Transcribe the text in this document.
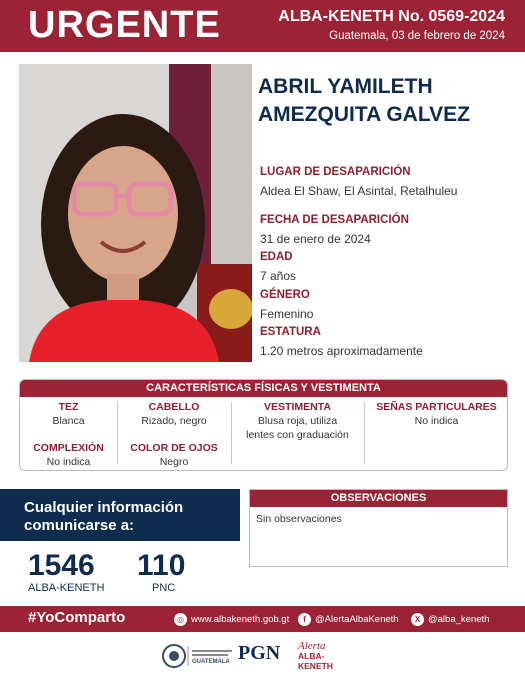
URGENTE	ALBA-KENETH No. 0569-2024
Guatemala, 03 de febrero de 2024
ABRIL YAMILETH
AMEZQUITA GALVEZ
LUGAR DE DESAPARICIÓN
Aldea El Shaw, El Asintal, Retalhuleu
FECHA DE DESAPARICIÓN
31 de enero de 2024
EDAD
7 años
GÉNERO
Femenino
ESTATURA
1.20 metros aproximadamente
CARACTERÍSTICAS FÍSICAS Y VESTIMENTA
TEZ
Blanca
CABELLO
Rizado, negro
VESTIMENTA
Blusa roja, utiliza
lentes con graduación
SEÑAS PARTICULARES
No indica
COMPLEXIÓN
No indica
COLOR DE OJOS
Negro
Cualquier información
comunicarse a:
1546
ALBA-KENETH
110
PNC
OBSERVACIONES
Sin observaciones
#YoComparto	◎ www.albakeneth.gob.gt	f @AlertaAlbaKeneth	X @alba_keneth
GUATEMALA PGN	Alerta
ALBA-KENETH
